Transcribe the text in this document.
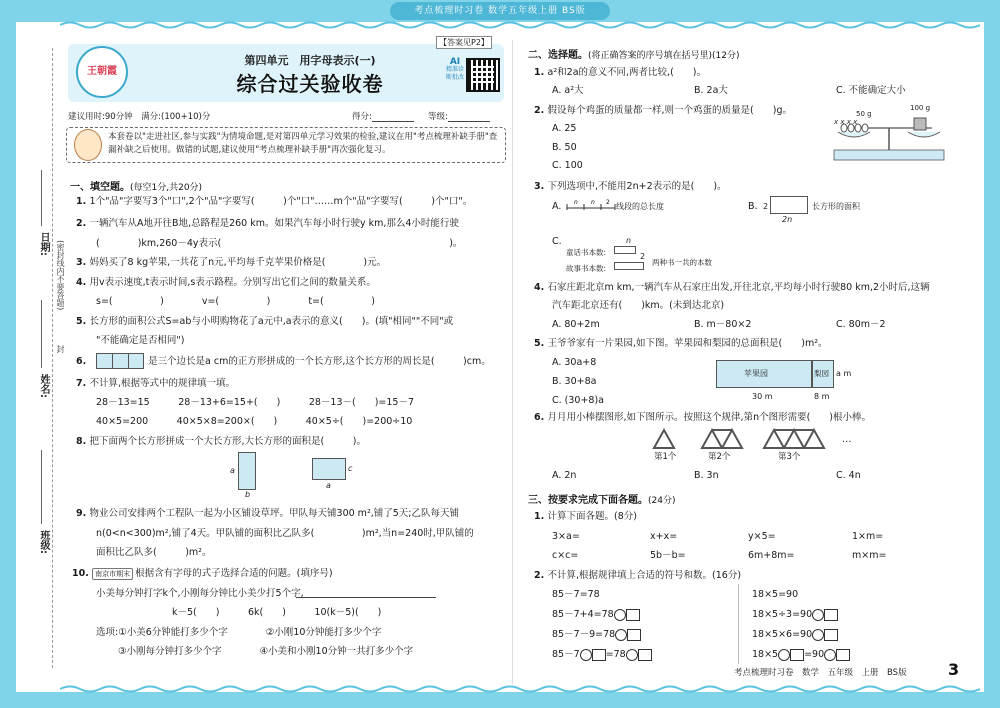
考点梳理时习卷 数学五年级上册 BS版
日期: (密封线内不要答题)
封
姓名:
班级:
王朝霞
第四单元　用字母表示(一)
综合过关验收卷
【答案见P2】
AI
精准诊断批改
建议用时:90分钟　满分:(100+10)分	得分:	等级:
本套卷以"走进社区,参与实践"为情境命题,是对第四单元学习效果的检验,建议在用"考点梳理补缺手册"查漏补缺之后使用。做错的试题,建议使用"考点梳理补缺手册"再次强化复习。
一、填空题。(每空1分,共20分)
1. 1个"品"字要写3个"口",2个"品"字要写(　　　)个"口"……m个"品"字要写(　　　)个"口"。
2. 一辆汽车从A地开往B地,总路程是260 km。如果汽车每小时行驶y km,那么4小时能行驶
(　　　　)km,260－4y表示(　　　　　　　　　　　　　　　　　　　　　　　　)。
3. 妈妈买了8 kg苹果,一共花了n元,平均每千克苹果价格是(　　　　)元。
4. 用v表示速度,t表示时间,s表示路程。分别写出它们之间的数量关系。
s=(　　　　　)　　　　v=(　　　　　)　　　　t=(　　　　　)
5. 长方形的面积公式S=ab与小明购物花了a元中,a表示的意义(　　)。(填"相同""不同"或
"不能确定是否相同")
6.	是三个边长是a cm的正方形拼成的一个长方形,这个长方形的周长是(　　　)cm。
7. 不计算,根据等式中的规律填一填。
28－13=15　　　28－13+6=15+(　　)　　　28－13－(　　)=15－7
40×5=200　　　40×5×8=200×(　　)　　　40×5÷(　　)=200÷10
8. 把下面两个长方形拼成一个大长方形,大长方形的面积是(　　　)。
a
b
a
c
9. 物业公司安排两个工程队一起为小区铺设草坪。甲队每天铺300 m²,铺了5天;乙队每天铺
n(0<n<300)m²,铺了4天。甲队铺的面积比乙队多(　　　　　)m²,当n=240时,甲队铺的
面积比乙队多(　　　)m²。
10. 南京市期末 根据含有字母的式子选择合适的问题。(填序号)
小美每分钟打字k个,小刚每分钟比小美少打5个字,
k－5(　　)　　　6k(　　)　　　10(k－5)(　　)
选项:①小美6分钟能打多少个字　　　　②小刚10分钟能打多少个字
③小刚每分钟打多少个字　　　　④小美和小刚10分钟一共打多少个字
二、选择题。(将正确答案的序号填在括号里)(12分)
1. a²和2a的意义不同,两者比较,(　　)。
A. a²大	B. 2a大	C. 不能确定大小
2. 假设每个鸡蛋的质量都一样,则一个鸡蛋的质量是(　　)g。
A. 25
B. 50
C. 100
x x x x
50 g
100 g
3. 下列选项中,不能用2n+2表示的是(　　)。
A. n n 2 线段的总长度	B. 2
2n
长方形的面积
C.	n
童话书本数:
故事书本数:
2
两种书一共的本数
4. 石家庄距北京m km,一辆汽车从石家庄出发,开往北京,平均每小时行驶80 km,2小时后,这辆
汽车距北京还有(　　)km。(未到达北京)
A. 80+2m	B. m－80×2	C. 80m－2
5. 王爷爷家有一片果园,如下图。苹果园和梨园的总面积是(　　)m²。
A. 30a+8
B. 30+8a
C. (30+8)a
苹果园	梨园 a m
30 m	8 m
6. 月月用小棒摆图形,如下图所示。按照这个规律,第n个图形需要(　　)根小棒。
…
第1个	第2个	第3个
A. 2n	B. 3n	C. 4n
三、按要求完成下面各题。(24分)
1. 计算下面各题。(8分)
3×a=	x+x=	y×5=	1×m=
c×c=	5b－b=	6m+8m=	m×m=
2. 不计算,根据规律填上合适的符号和数。(16分)
85－7=78
85－7+4=78
85－7－9=78
85－7	=78
18×5=90
18×5÷3=90
18×5×6=90
18×5	=90
考点梳理时习卷　数学　五年级　上册　BS版	3
